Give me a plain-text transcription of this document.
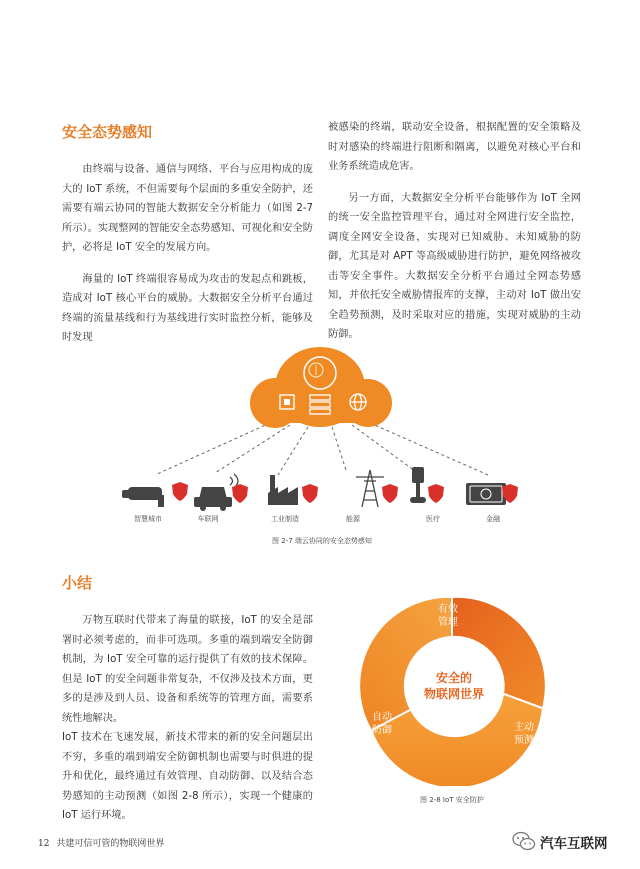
安全态势感知

由终端与设备、通信与网络、平台与应用构成的庞大的 IoT 系统，不但需要每个层面的多重安全防护，还需要有端云协同的智能大数据安全分析能力（如图 2-7 所示）。实现整网的智能安全态势感知、可视化和安全防护，必将是 IoT 安全的发展方向。

海量的 IoT 终端很容易成为攻击的发起点和跳板，造成对 IoT 核心平台的威胁。大数据安全分析平台通过终端的流量基线和行为基线进行实时监控分析，能够及时发现

被感染的终端，联动安全设备，根据配置的安全策略及时对感染的终端进行阻断和隔离，以避免对核心平台和业务系统造成危害。

另一方面，大数据安全分析平台能够作为 IoT 全网的统一安全监控管理平台，通过对全网进行安全监控，调度全网安全设备，实现对已知威胁、未知威胁的防御，尤其是对 APT 等高级威胁进行防护，避免网络被攻击等安全事件。大数据安全分析平台通过全网态势感知，并依托安全威胁情报库的支撑，主动对 IoT 做出安全趋势预测，及时采取对应的措施，实现对威胁的主动防御。

智慧城市	车联网	工业制造	能源	医疗	金融
图 2-7 端云协同的安全态势感知
小结

万物互联时代带来了海量的联接，IoT 的安全是部署时必须考虑的，而非可选项。多重的端到端安全防御机制，为 IoT 安全可靠的运行提供了有效的技术保障。但是 IoT 的安全问题非常复杂，不仅涉及技术方面，更多的是涉及到人员、设备和系统等的管理方面，需要系统性地解决。

IoT 技术在飞速发展，新技术带来的新的安全问题层出不穷，多重的端到端安全防御机制也需要与时俱进的提升和优化，最终通过有效管理、自动防御、以及结合态势感知的主动预测（如图 2-8 所示），实现一个健康的 IoT 运行环境。

有效
管理
主动
预测
自动
防御
安全的
物联网世界
图 2-8 IoT 安全防护
12 共建可信可管的物联网世界	汽车互联网
